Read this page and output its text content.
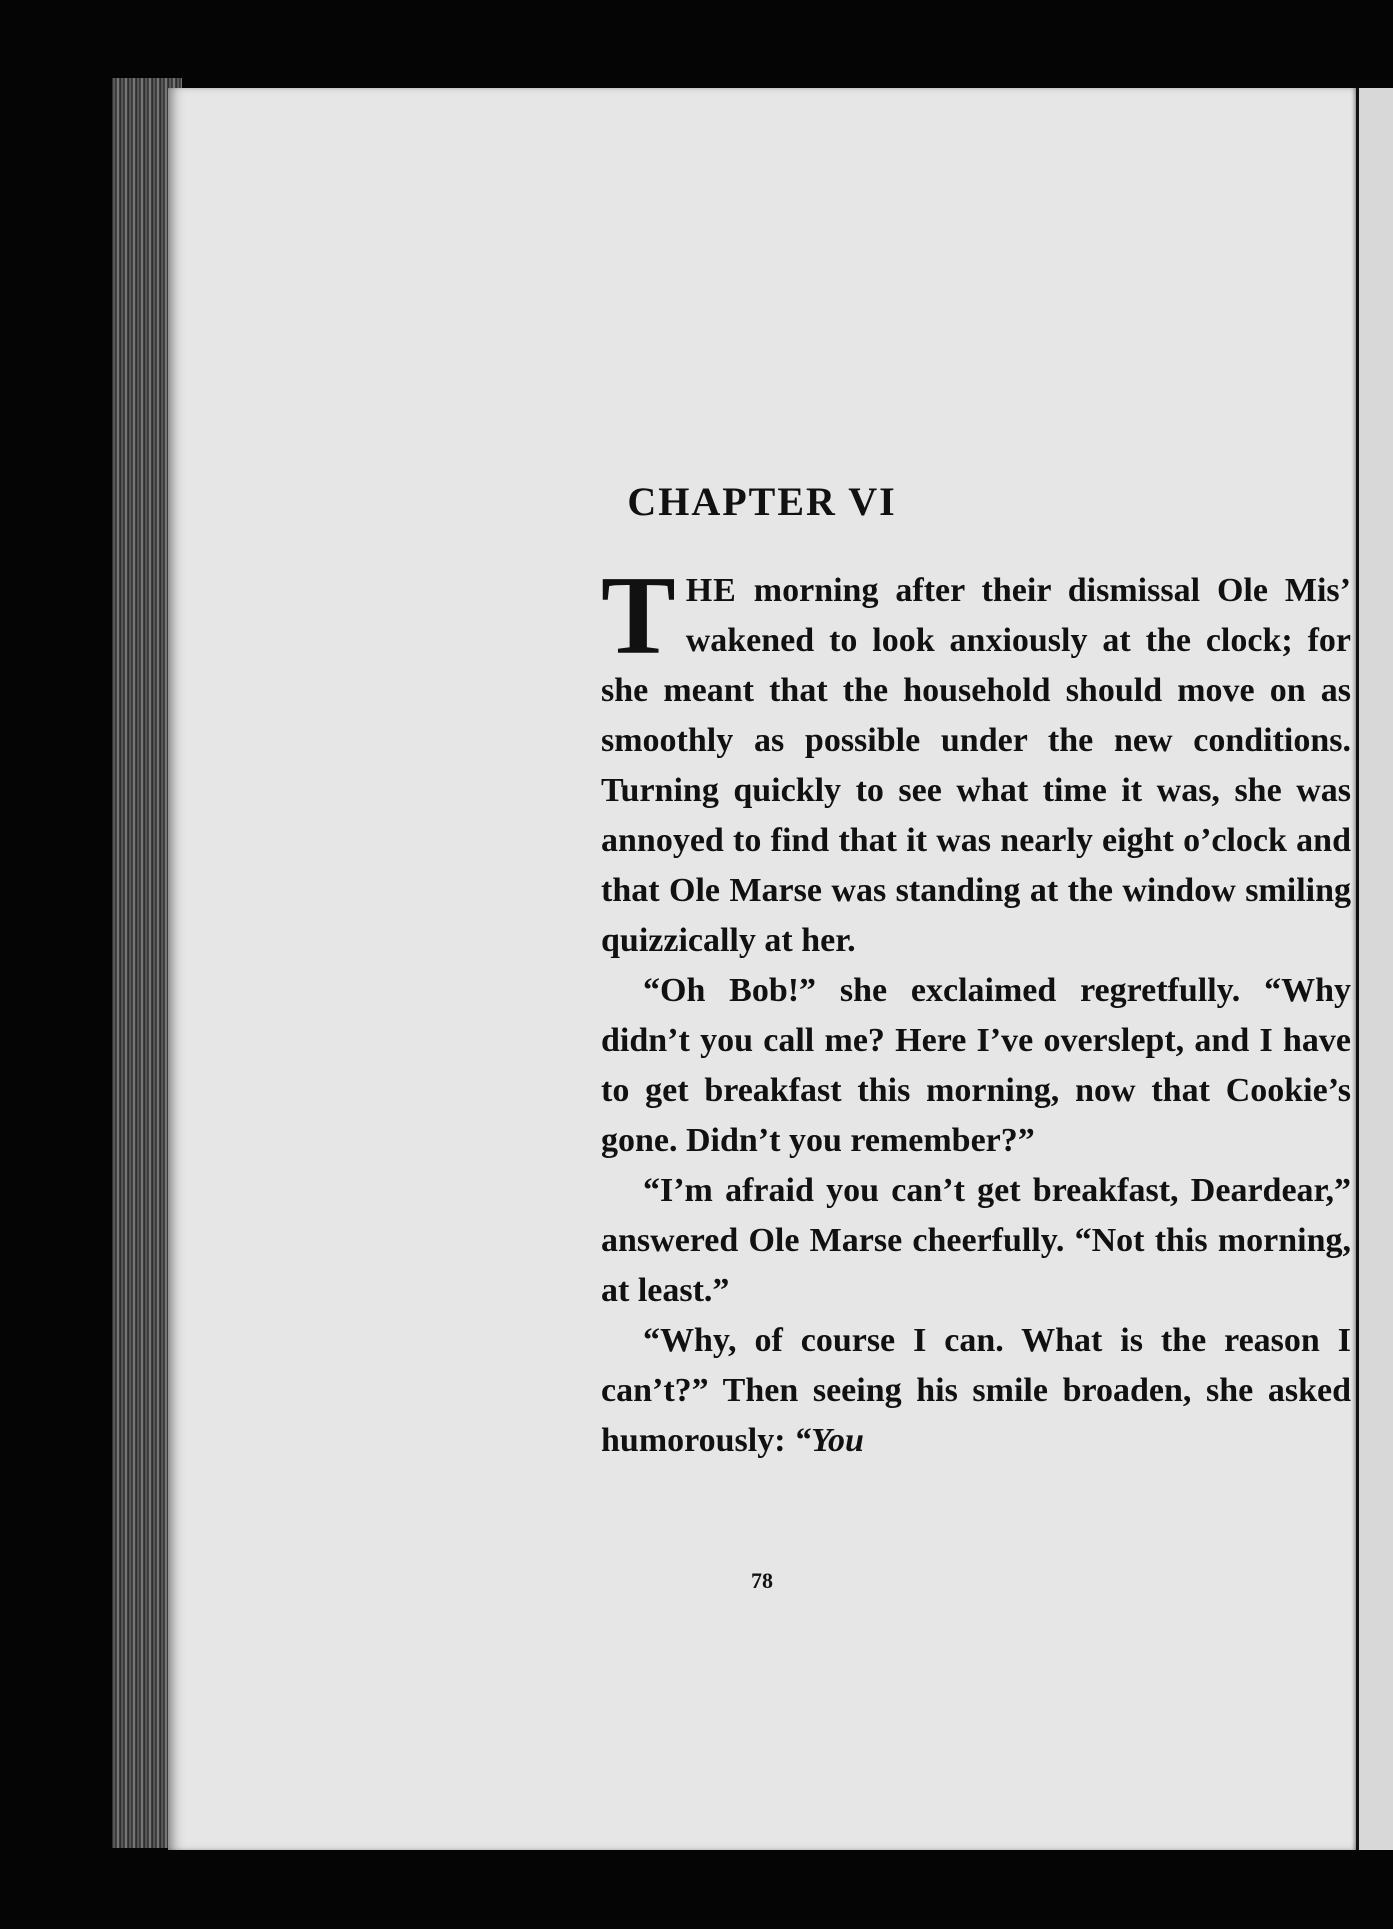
CHAPTER VI

THE morning after their dismissal Ole Mis’ wakened to look anxiously at the clock; for she meant that the household should move on as smoothly as possible under the new conditions. Turning quickly to see what time it was, she was annoyed to find that it was nearly eight o’clock and that Ole Marse was standing at the window smiling quizzically at her.

“Oh Bob!” she exclaimed regretfully. “Why didn’t you call me? Here I’ve overslept, and I have to get breakfast this morning, now that Cookie’s gone. Didn’t you remember?”

“I’m afraid you can’t get breakfast, Deardear,” answered Ole Marse cheerfully. “Not this morning, at least.”

“Why, of course I can. What is the reason I can’t?” Then seeing his smile broaden, she asked humorously: “You

78
